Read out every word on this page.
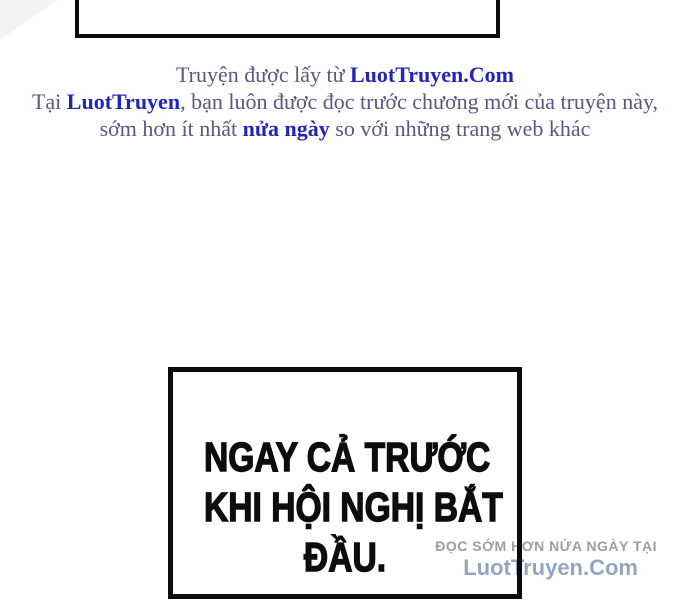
Truyện được lấy từ LuotTruyen.Com
Tại LuotTruyen, bạn luôn được đọc trước chương mới của truyện này,
sớm hơn ít nhất nửa ngày so với những trang web khác
ĐỌC SỚM HƠN NỬA NGÀY TẠI
LuotTruyen.Com
NGAY CẢ TRƯỚC
KHI HỘI NGHỊ BẮT
ĐẦU.
